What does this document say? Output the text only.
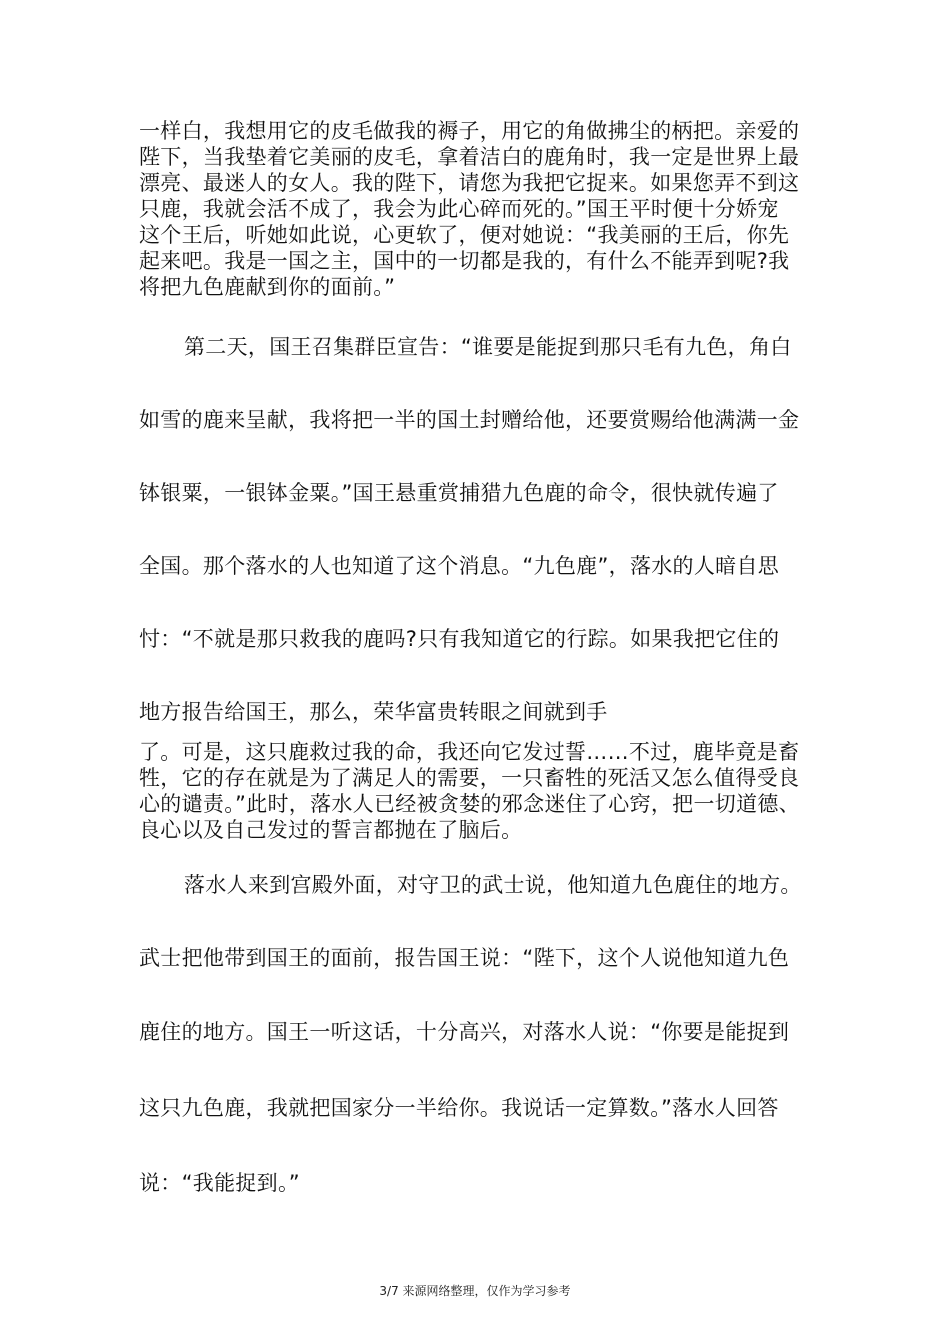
一样白，我想用它的皮毛做我的褥子，用它的角做拂尘的柄把。亲爱的

陛下，当我垫着它美丽的皮毛，拿着洁白的鹿角时，我一定是世界上最

漂亮、最迷人的女人。我的陛下，请您为我把它捉来。如果您弄不到这

只鹿，我就会活不成了，我会为此心碎而死的。”国王平时便十分娇宠

这个王后，听她如此说，心更软了，便对她说：“我美丽的王后，你先

起来吧。我是一国之主，国中的一切都是我的，有什么不能弄到呢?我

将把九色鹿献到你的面前。”

第二天，国王召集群臣宣告：“谁要是能捉到那只毛有九色，角白

如雪的鹿来呈献，我将把一半的国土封赠给他，还要赏赐给他满满一金

钵银粟，一银钵金粟。”国王悬重赏捕猎九色鹿的命令，很快就传遍了

全国。那个落水的人也知道了这个消息。“九色鹿”，落水的人暗自思

忖：“不就是那只救我的鹿吗?只有我知道它的行踪。如果我把它住的

地方报告给国王，那么，荣华富贵转眼之间就到手

了。可是，这只鹿救过我的命，我还向它发过誓……不过，鹿毕竟是畜

牲，它的存在就是为了满足人的需要，一只畜牲的死活又怎么值得受良

心的谴责。”此时，落水人已经被贪婪的邪念迷住了心窍，把一切道德、

良心以及自己发过的誓言都抛在了脑后。

落水人来到宫殿外面，对守卫的武士说，他知道九色鹿住的地方。

武士把他带到国王的面前，报告国王说：“陛下，这个人说他知道九色

鹿住的地方。国王一听这话，十分高兴，对落水人说：“你要是能捉到

这只九色鹿，我就把国家分一半给你。我说话一定算数。”落水人回答

说：“我能捉到。”

3/7 来源网络整理，仅作为学习参考
